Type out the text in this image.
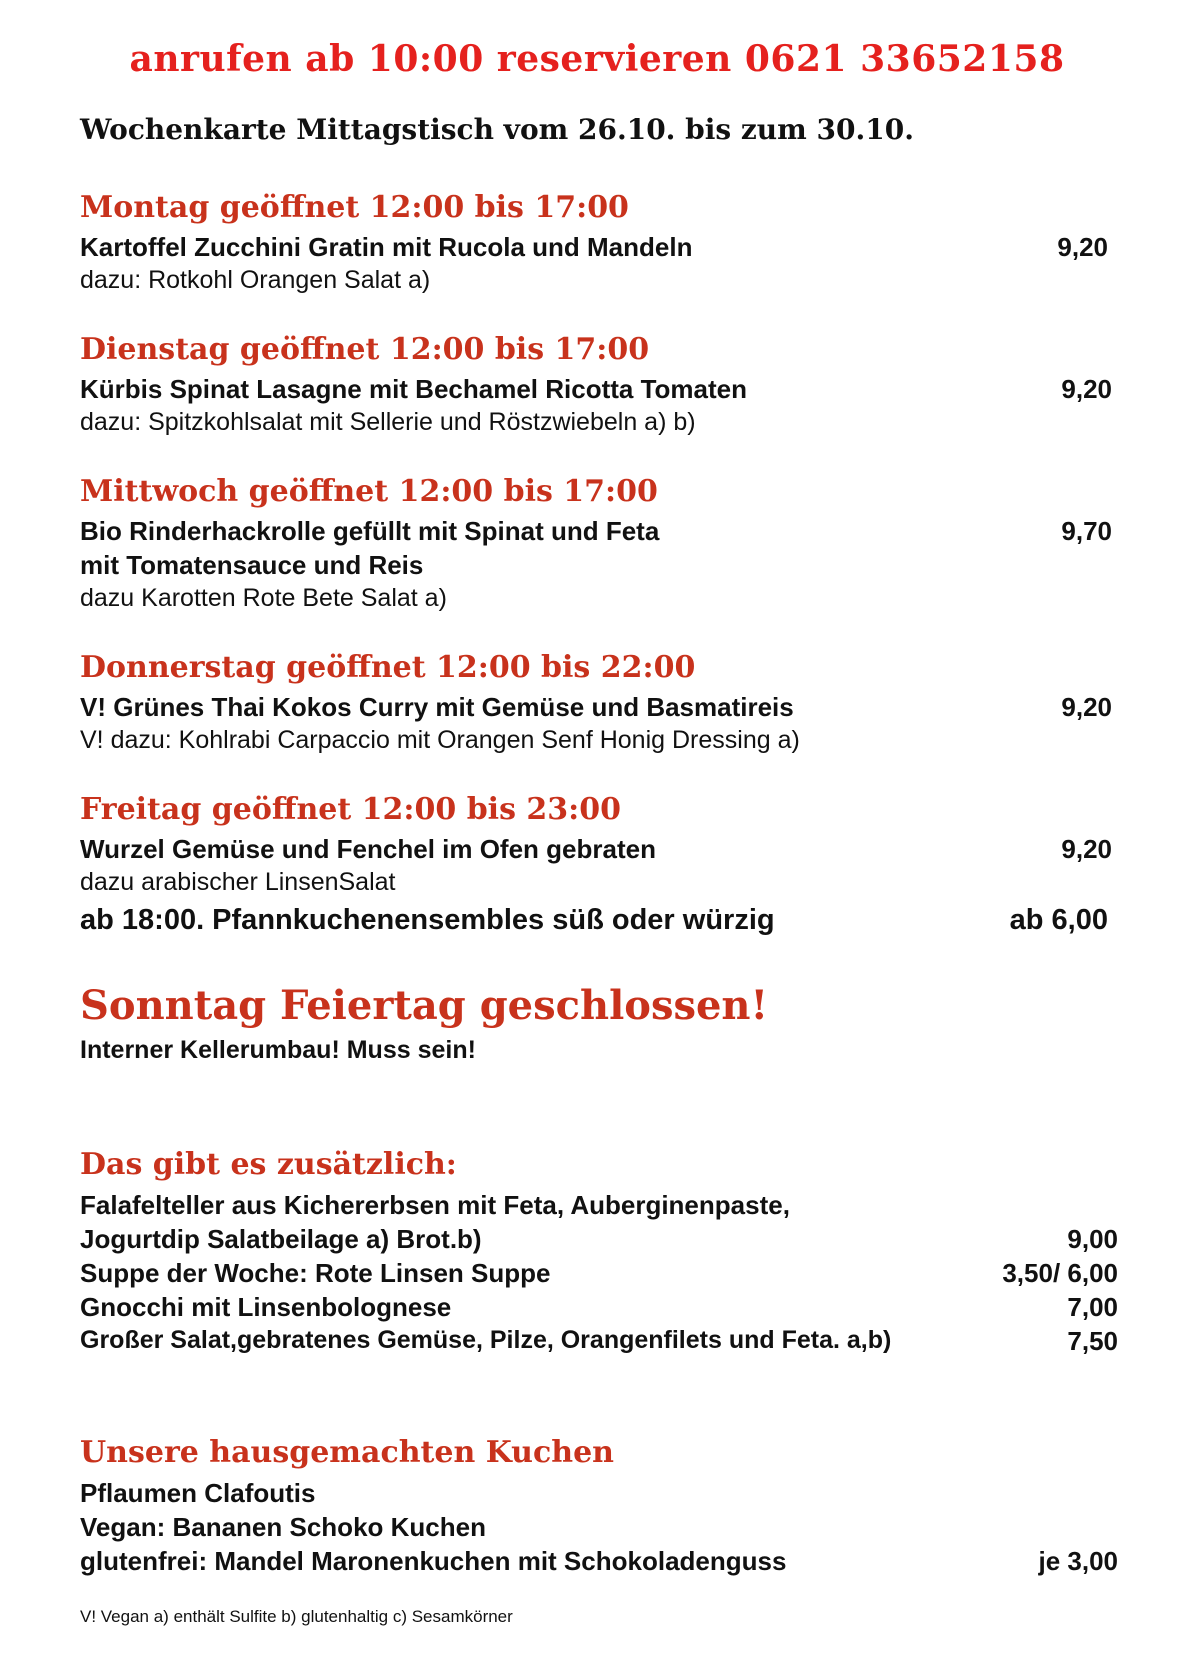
anrufen ab 10:00 reservieren 0621 33652158
Wochenkarte Mittagstisch vom 26.10. bis zum 30.10.
Montag geöffnet 12:00 bis 17:00
Kartoffel Zucchini Gratin mit Rucola und Mandeln	9,20
dazu: Rotkohl Orangen Salat a)
Dienstag geöffnet 12:00 bis 17:00
Kürbis Spinat Lasagne mit Bechamel Ricotta Tomaten	9,20
dazu: Spitzkohlsalat mit Sellerie und Röstzwiebeln a) b)
Mittwoch geöffnet 12:00 bis 17:00
Bio Rinderhackrolle gefüllt mit Spinat und Feta	9,70
mit Tomatensauce und Reis
dazu Karotten Rote Bete Salat a)
Donnerstag geöffnet 12:00 bis 22:00
V! Grünes Thai Kokos Curry mit Gemüse und Basmatireis	9,20
V! dazu: Kohlrabi Carpaccio mit Orangen Senf Honig Dressing a)
Freitag geöffnet 12:00 bis 23:00
Wurzel Gemüse und Fenchel im Ofen gebraten	9,20
dazu arabischer LinsenSalat
ab 18:00. Pfannkuchenensembles süß oder würzig	ab 6,00
Sonntag Feiertag geschlossen!
Interner Kellerumbau! Muss sein!
Das gibt es zusätzlich:
Falafelteller aus Kichererbsen mit Feta, Auberginenpaste,
Jogurtdip Salatbeilage a) Brot.b)	9,00
Suppe der Woche: Rote Linsen Suppe	3,50/ 6,00
Gnocchi mit Linsenbolognese	7,00
Großer Salat,gebratenes Gemüse, Pilze, Orangenfilets und Feta. a,b)	7,50
Unsere hausgemachten Kuchen
Pflaumen Clafoutis
Vegan: Bananen Schoko Kuchen
glutenfrei: Mandel Maronenkuchen mit Schokoladenguss	je 3,00
V! Vegan a) enthält Sulfite b) glutenhaltig c) Sesamkörner
